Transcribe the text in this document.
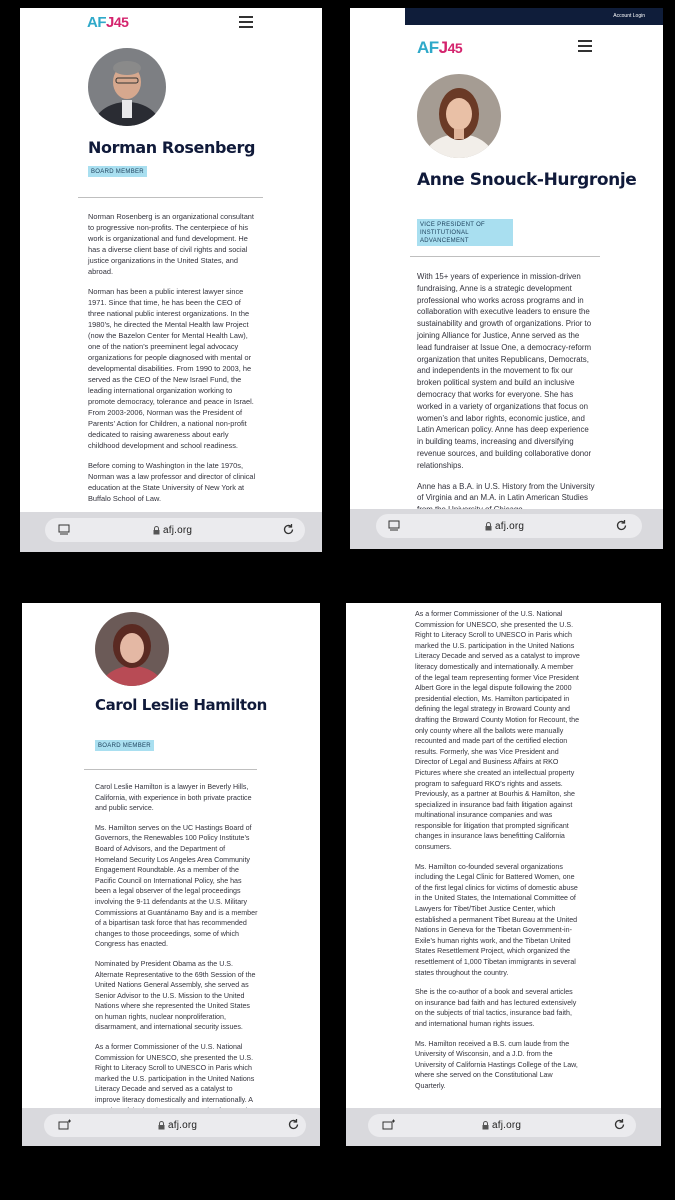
AFJ45
Norman Rosenberg
BOARD MEMBER

Norman Rosenberg is an organizational consultant to progressive non-profits. The centerpiece of his work is organizational and fund development. He has a diverse client base of civil rights and social justice organizations in the United States, and abroad.

Norman has been a public interest lawyer since 1971. Since that time, he has been the CEO of three national public interest organizations. In the 1980’s, he directed the Mental Health law Project (now the Bazelon Center for Mental Health Law), one of the nation’s preeminent legal advocacy organizations for people diagnosed with mental or developmental disabilities. From 1990 to 2003, he served as the CEO of the New Israel Fund, the leading international organization working to promote democracy, tolerance and peace in Israel. From 2003-2006, Norman was the President of Parents’ Action for Children, a national non-profit dedicated to raising awareness about early childhood development and school readiness.

Before coming to Washington in the late 1970s, Norman was a law professor and director of clinical education at the State University of New York at Buffalo School of Law.

afj.org
Account Login
AFJ45
Anne Snouck-Hurgronje
VICE PRESIDENT OF INSTITUTIONAL ADVANCEMENT

With 15+ years of experience in mission-driven fundraising, Anne is a strategic development professional who works across programs and in collaboration with executive leaders to ensure the sustainability and growth of organizations. Prior to joining Alliance for Justice, Anne served as the lead fundraiser at Issue One, a democracy-reform organization that unites Republicans, Democrats, and independents in the movement to fix our broken political system and build an inclusive democracy that works for everyone. She has worked in a variety of organizations that focus on women’s and labor rights, economic justice, and Latin American policy. Anne has deep experience in building teams, increasing and diversifying revenue sources, and building collaborative donor relationships.

Anne has a B.A. in U.S. History from the University of Virginia and an M.A. in Latin American Studies

afj.org
Carol Leslie Hamilton
BOARD MEMBER

Carol Leslie Hamilton is a lawyer in Beverly Hills, California, with experience in both private practice and public service.

Ms. Hamilton serves on the UC Hastings Board of Governors, the Renewables 100 Policy Institute’s Board of Advisors, and the Department of Homeland Security Los Angeles Area Community Engagement Roundtable. As a member of the Pacific Council on International Policy, she has been a legal observer of the legal proceedings involving the 9-11 defendants at the U.S. Military Commissions at Guantánamo Bay and is a member of a bipartisan task force that has recommended changes to those proceedings, some of which Congress has enacted.

Nominated by President Obama as the U.S. Alternate Representative to the 69th Session of the United Nations General Assembly, she served as Senior Advisor to the U.S. Mission to the United Nations where she represented the United States on human rights, nuclear nonproliferation, disarmament, and international security issues.

As a former Commissioner of the U.S. National Commission for UNESCO, she presented the U.S. Right to Literacy Scroll to UNESCO in Paris which marked the U.S. participation in the United Nations Literacy Decade and served as a catalyst to improve literacy domestically and internationally. A

afj.org

As a former Commissioner of the U.S. National Commission for UNESCO, she presented the U.S. Right to Literacy Scroll to UNESCO in Paris which marked the U.S. participation in the United Nations Literacy Decade and served as a catalyst to improve literacy domestically and internationally. A member of the legal team representing former Vice President Albert Gore in the legal dispute following the 2000 presidential election, Ms. Hamilton participated in defining the legal strategy in Broward County and drafting the Broward County Motion for Recount, the only county where all the ballots were manually recounted and made part of the certified election results. Formerly, she was Vice President and Director of Legal and Business Affairs at RKO Pictures where she created an intellectual property program to safeguard RKO’s rights and assets. Previously, as a partner at Bourhis & Hamilton, she specialized in insurance bad faith litigation against multinational insurance companies and was responsible for litigation that prompted significant changes in insurance laws benefitting California consumers.

Ms. Hamilton co-founded several organizations including the Legal Clinic for Battered Women, one of the first legal clinics for victims of domestic abuse in the United States, the International Committee of Lawyers for Tibet/Tibet Justice Center, which established a permanent Tibet Bureau at the United Nations in Geneva for the Tibetan Government-in-Exile’s human rights work, and the Tibetan United States Resettlement Project, which organized the resettlement of 1,000 Tibetan immigrants in several states throughout the country.

She is the co-author of a book and several articles on insurance bad faith and has lectured extensively on the subjects of trial tactics, insurance bad faith, and international human rights issues.

Ms. Hamilton received a B.S. cum laude from the University of Wisconsin, and a J.D. from the University of California Hastings College of the Law, where she served on the Constitutional Law Quarterly.

afj.org
